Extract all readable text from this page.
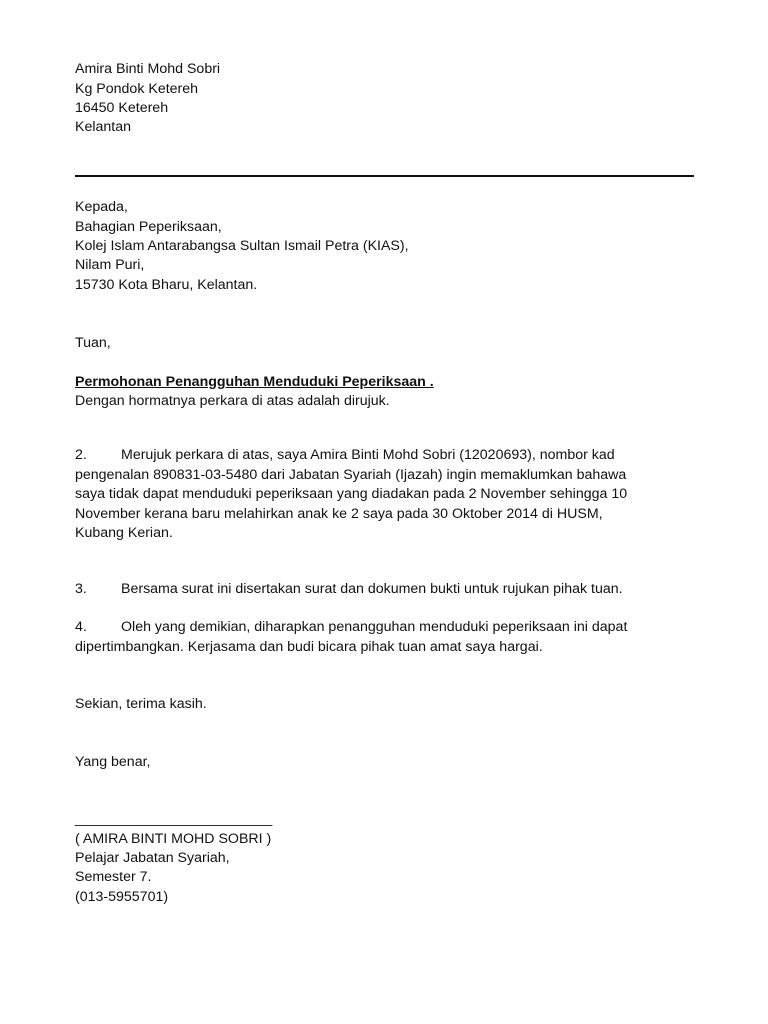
Amira Binti Mohd Sobri
Kg Pondok Ketereh
16450 Ketereh
Kelantan
Kepada,
Bahagian Peperiksaan,
Kolej Islam Antarabangsa Sultan Ismail Petra (KIAS),
Nilam Puri,
15730 Kota Bharu, Kelantan.
Tuan,
Permohonan Penangguhan Menduduki Peperiksaan .
Dengan hormatnya perkara di atas adalah dirujuk.

2. Merujuk perkara di atas, saya Amira Binti Mohd Sobri (12020693), nombor kad

pengenalan 890831-03-5480 dari Jabatan Syariah (Ijazah) ingin memaklumkan bahawa

saya tidak dapat menduduki peperiksaan yang diadakan pada 2 November sehingga 10

November kerana baru melahirkan anak ke 2 saya pada 30 Oktober 2014 di HUSM,

Kubang Kerian.

3. Bersama surat ini disertakan surat dan dokumen bukti untuk rujukan pihak tuan.

4. Oleh yang demikian, diharapkan penangguhan menduduki peperiksaan ini dapat

dipertimbangkan. Kerjasama dan budi bicara pihak tuan amat saya hargai.

Sekian, terima kasih.
Yang benar,
_________________________
( AMIRA BINTI MOHD SOBRI )
Pelajar Jabatan Syariah,
Semester 7.
(013-5955701)
